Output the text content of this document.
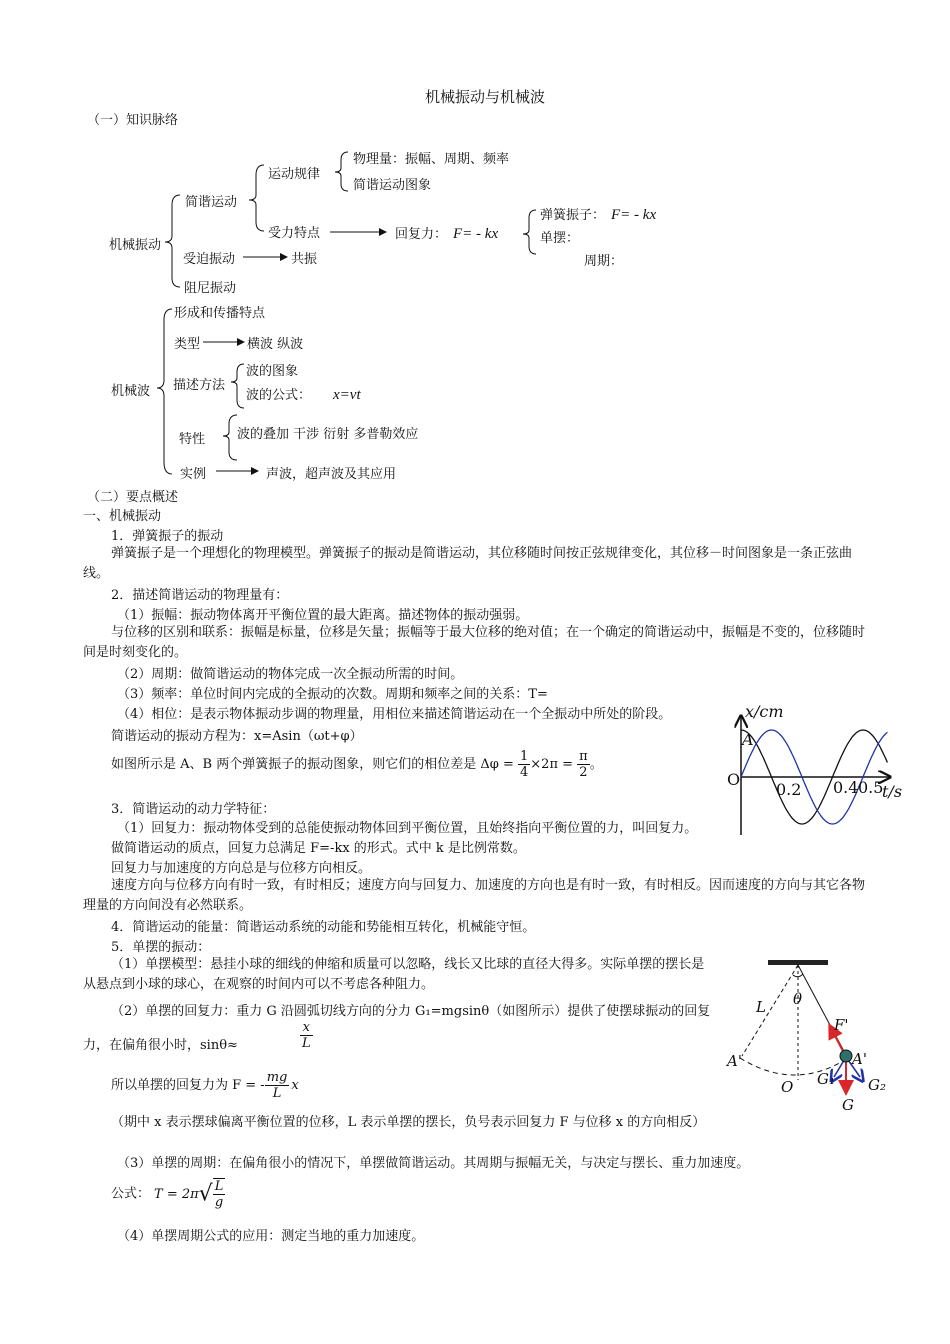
机械振动与机械波
（一）知识脉络
机械振动
简谐运动
运动规律
物理量：振幅、周期、频率
简谐运动图象
受力特点	回复力： F= - kx
弹簧振子： F= - kx
单摆：
周期：
受迫振动	共振
阻尼振动
机械波
形成和传播特点
类型	横波 纵波
描述方法
波的图象
波的公式： x=vt
特性 波的叠加 干涉 衍射 多普勒效应
实例	声波，超声波及其应用
（二）要点概述
一、机械振动
1．弹簧振子的振动
弹簧振子是一个理想化的物理模型。弹簧振子的振动是简谐运动，其位移随时间按正弦规律变化，其位移－时间图象是一条正弦曲线。
2．描述简谐运动的物理量有：
（1）振幅：振动物体离开平衡位置的最大距离。描述物体的振动强弱。
与位移的区别和联系：振幅是标量，位移是矢量；振幅等于最大位移的绝对值；在一个确定的简谐运动中，振幅是不变的，位移随时间是时刻变化的。
（2）周期：做简谐运动的物体完成一次全振动所需的时间。
（3）频率：单位时间内完成的全振动的次数。周期和频率之间的关系：T=
（4）相位：是表示物体振动步调的物理量，用相位来描述简谐运动在一个全振动中所处的阶段。
简谐运动的振动方程为：x=Asin（ωt+φ）
如图所示是 A、B 两个弹簧振子的振动图象，则它们的相位差是 $\Delta\varphi = \frac{1}{4} \times 2\pi = \frac{\pi}{2}$ 。
3．简谐运动的动力学特征：
（1）回复力：振动物体受到的总能使振动物体回到平衡位置，且始终指向平衡位置的力，叫回复力。
做简谐运动的质点，回复力总满足 F=-kx 的形式。式中 k 是比例常数。
回复力与加速度的方向总是与位移方向相反。
速度方向与位移方向有时一致，有时相反；速度方向与回复力、加速度的方向也是有时一致，有时相反。因而速度的方向与其它各物理量的方向间没有必然联系。
4．简谐运动的能量：简谐运动系统的动能和势能相互转化，机械能守恒。
5．单摆的振动：
（1）单摆模型：悬挂小球的细线的伸缩和质量可以忽略，线长又比球的直径大得多。实际单摆的摆长是从悬点到小球的球心，在观察的时间内可以不考虑各种阻力。
（2）单摆的回复力：重力 G 沿圆弧切线方向的分力 G₁=mgsinθ（如图所示）提供了使摆球振动的回复力，在偏角很小时，sinθ≈	$\frac{x}{L}$
所以单摆的回复力为 F = - $\frac{mg}{L}$ x
（期中 x 表示摆球偏离平衡位置的位移，L 表示单摆的摆长，负号表示回复力 F 与位移 x 的方向相反）
（3）单摆的周期：在偏角很小的情况下，单摆做简谐运动。其周期与振幅无关，与决定与摆长、重力加速度。
公式： $T = 2\pi√ \frac{L}{g}$
（4）单摆周期公式的应用：测定当地的重力加速度。
x/cm
A
O
0.2 0.4 0.5
t/s
L θ
F'
A'	A'
O G₁ G₂
G
